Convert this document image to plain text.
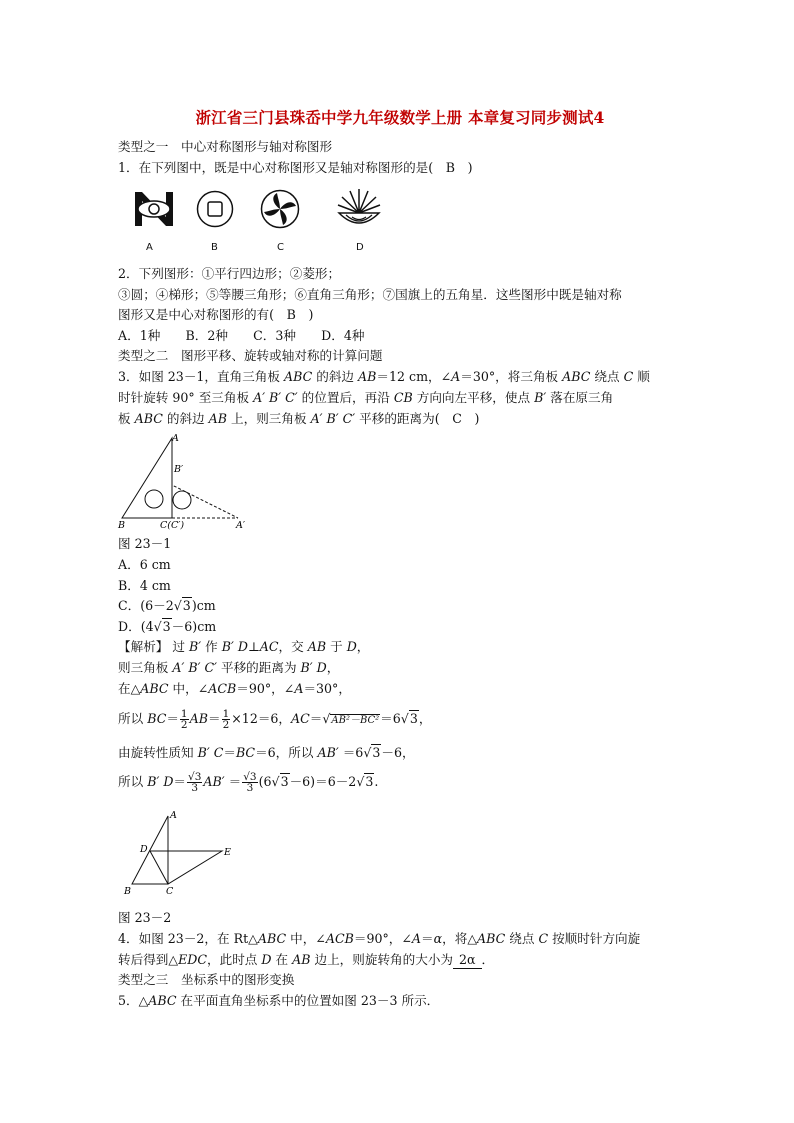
浙江省三门县珠岙中学九年级数学上册 本章复习同步测试4
类型之一　中心对称图形与轴对称图形
1．在下列图中，既是中心对称图形又是轴对称图形的是(　B　)
A	B	C	D
2．下列图形：①平行四边形；②菱形；
③圆；④梯形；⑤等腰三角形；⑥直角三角形；⑦国旗上的五角星．这些图形中既是轴对称
图形又是中心对称图形的有(　B　)
A．1种　　B．2种　　C．3种　　D．4种
类型之二　图形平移、旋转或轴对称的计算问题
3．如图 23－1，直角三角板 ABC 的斜边 AB＝12 cm，∠A＝30°，将三角板 ABC 绕点 C 顺
时针旋转 90° 至三角板 A′ B′ C′ 的位置后，再沿 CB 方向向左平移，使点 B′ 落在原三角
板 ABC 的斜边 AB 上，则三角板 A′ B′ C′ 平移的距离为(　C　)
A
B′
B	C(C′)	A′
图 23－1
A．6 cm
B．4 cm
C．(6－2√3)cm
D．(4√3－6)cm
【解析】 过 B′ 作 B′ D⊥AC，交 AB 于 D，
则三角板 A′ B′ C′ 平移的距离为 B′ D，
在△ABC 中，∠ACB＝90°，∠A＝30°，
所以 $BC= \frac{1}{2} AB= \frac{1}{2} \times 12=6$，AC＝√AB²－BC²＝6√3，
由旋转性质知 B′ C＝BC＝6，所以 AB′ ＝6√3－6，
所以 B′ $D= \frac{√3}{3} AB' = \frac{√3}{3} (6√3-6)=6-2√3$.
A
D	E
B	C
图 23－2
4．如图 23－2，在 Rt△ABC 中，∠ACB＝90°，∠A＝α，将△ABC 绕点 C 按顺时针方向旋
转后得到△EDC，此时点 D 在 AB 边上，则旋转角的大小为 2α ．
类型之三　坐标系中的图形变换
5．△ABC 在平面直角坐标系中的位置如图 23－3 所示．
